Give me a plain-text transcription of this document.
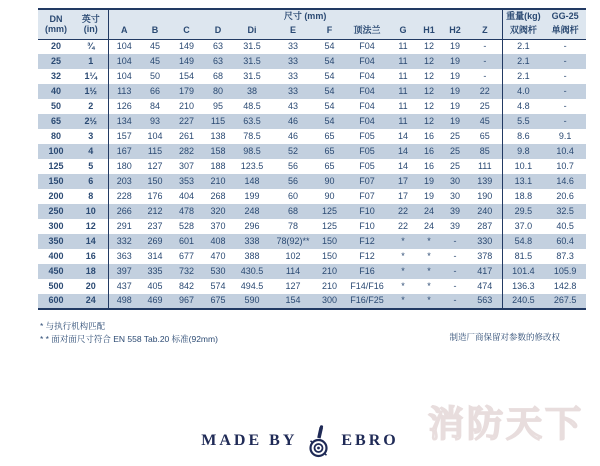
DN
(mm)	英寸
(in)	尺寸 (mm)												重量(kg)	GG-25
		A	B	C	D	Di	E	F	顶法兰	G	H1	H2	Z	双阀杆	单阀杆
20	¾	104	45	149	63	31.5	33	54	F04	11	12	19	-	2.1	-
25	1	104	45	149	63	31.5	33	54	F04	11	12	19	-	2.1	-
32	1¼	104	50	154	68	31.5	33	54	F04	11	12	19	-	2.1	-
40	1½	113	66	179	80	38	33	54	F04	11	12	19	22	4.0	-
50	2	126	84	210	95	48.5	43	54	F04	11	12	19	25	4.8	-
65	2½	134	93	227	115	63.5	46	54	F04	11	12	19	45	5.5	-
80	3	157	104	261	138	78.5	46	65	F05	14	16	25	65	8.6	9.1
100	4	167	115	282	158	98.5	52	65	F05	14	16	25	85	9.8	10.4
125	5	180	127	307	188	123.5	56	65	F05	14	16	25	111	10.1	10.7
150	6	203	150	353	210	148	56	90	F07	17	19	30	139	13.1	14.6
200	8	228	176	404	268	199	60	90	F07	17	19	30	190	18.8	20.6
250	10	266	212	478	320	248	68	125	F10	22	24	39	240	29.5	32.5
300	12	291	237	528	370	296	78	125	F10	22	24	39	287	37.0	40.5
350	14	332	269	601	408	338	78(92)**	150	F12	*	*	-	330	54.8	60.4
400	16	363	314	677	470	388	102	150	F12	*	*	-	378	81.5	87.3
450	18	397	335	732	530	430.5	114	210	F16	*	*	-	417	101.4	105.9
500	20	437	405	842	574	494.5	127	210	F14/F16	*	*	-	474	136.3	142.8
600	24	498	469	967	675	590	154	300	F16/F25	*	*	-	563	240.5	267.5
* 与执行机构匹配
* * 面对面尺寸符合 EN 558 Tab.20 标准(92mm)	制造厂商保留对参数的修改权
消防天下
MADE BY	EBRO
